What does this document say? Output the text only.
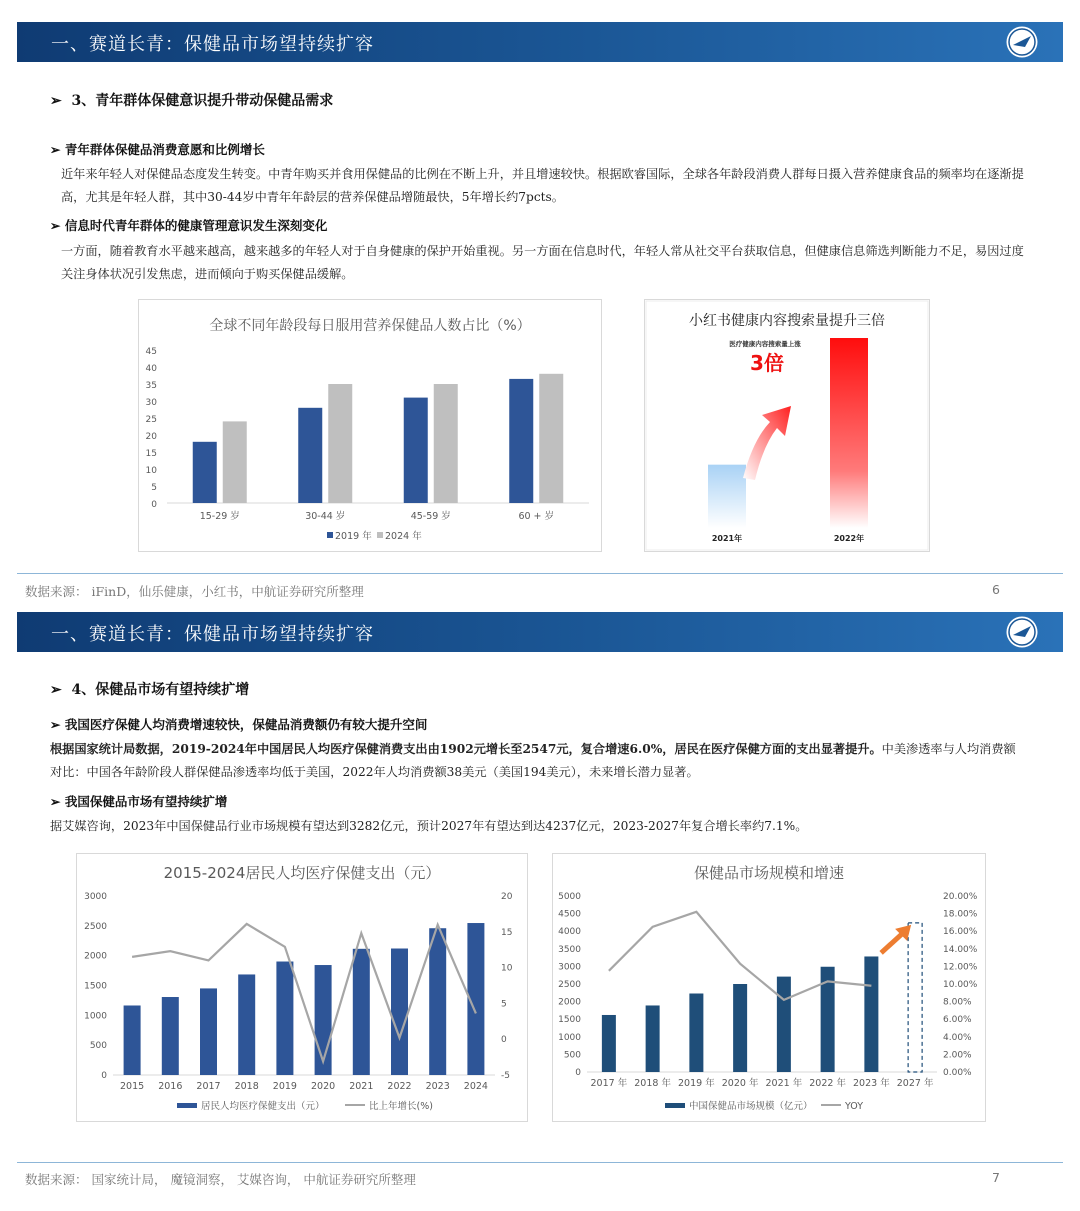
一、赛道长青：保健品市场望持续扩容
➢  3、青年群体保健意识提升带动保健品需求
➢ 青年群体保健品消费意愿和比例增长
近年来年轻人对保健品态度发生转变。中青年购买并食用保健品的比例在不断上升，并且增速较快。根据欧睿国际，全球各年龄段消费人群每日摄入营养健康食品的频率均在逐渐提高，尤其是年轻人群，其中30-44岁中青年年龄层的营养保健品增随最快，5年增长约7pcts。
➢ 信息时代青年群体的健康管理意识发生深刻变化
一方面，随着教育水平越来越高，越来越多的年轻人对于自身健康的保护开始重视。另一方面在信息时代，年轻人常从社交平台获取信息，但健康信息筛选判断能力不足，易因过度关注身体状况引发焦虑，进而倾向于购买保健品缓解。
全球不同年龄段每日服用营养保健品人数占比（%）
0
5
10
15
20
25
30
35
40
45
15-29 岁	30-44 岁	45-59 岁	60 + 岁
2019 年 2024 年
小红书健康内容搜索量提升三倍
医疗健康内容搜索量上涨
3倍
2021年	2022年
数据来源： iFinD，仙乐健康，小红书，中航证券研究所整理	6
一、赛道长青：保健品市场望持续扩容
➢  4、保健品市场有望持续扩增
➢ 我国医疗保健人均消费增速较快，保健品消费额仍有较大提升空间
根据国家统计局数据，2019-2024年中国居民人均医疗保健消费支出由1902元增长至2547元，复合增速6.0%，居民在医疗保健方面的支出显著提升。中美渗透率与人均消费额对比：中国各年龄阶段人群保健品渗透率均低于美国，2022年人均消费额38美元（美国194美元），未来增长潜力显著。
➢ 我国保健品市场有望持续扩增
据艾媒咨询，2023年中国保健品行业市场规模有望达到3282亿元，预计2027年有望达到达4237亿元，2023-2027年复合增长率约7.1%。
2015-2024居民人均医疗保健支出（元）
0
500
1000
1500
2000
2500
3000
-5
0
5
10
15
20
2015 2016 2017 2018 2019 2020 2021 2022 2023 2024
居民人均医疗保健支出（元）	比上年增长(%)
保健品市场规模和增速
0
500
1000
1500
2000
2500
3000
3500
4000
4500
5000
0.00%
2.00%
4.00%
6.00%
8.00%
10.00%
12.00%
14.00%
16.00%
18.00%
20.00%
2017 年 2018 年 2019 年 2020 年 2021 年 2022 年 2023 年 2027 年
中国保健品市场规模（亿元）	YOY
数据来源： 国家统计局， 魔镜洞察， 艾媒咨询， 中航证券研究所整理	7
